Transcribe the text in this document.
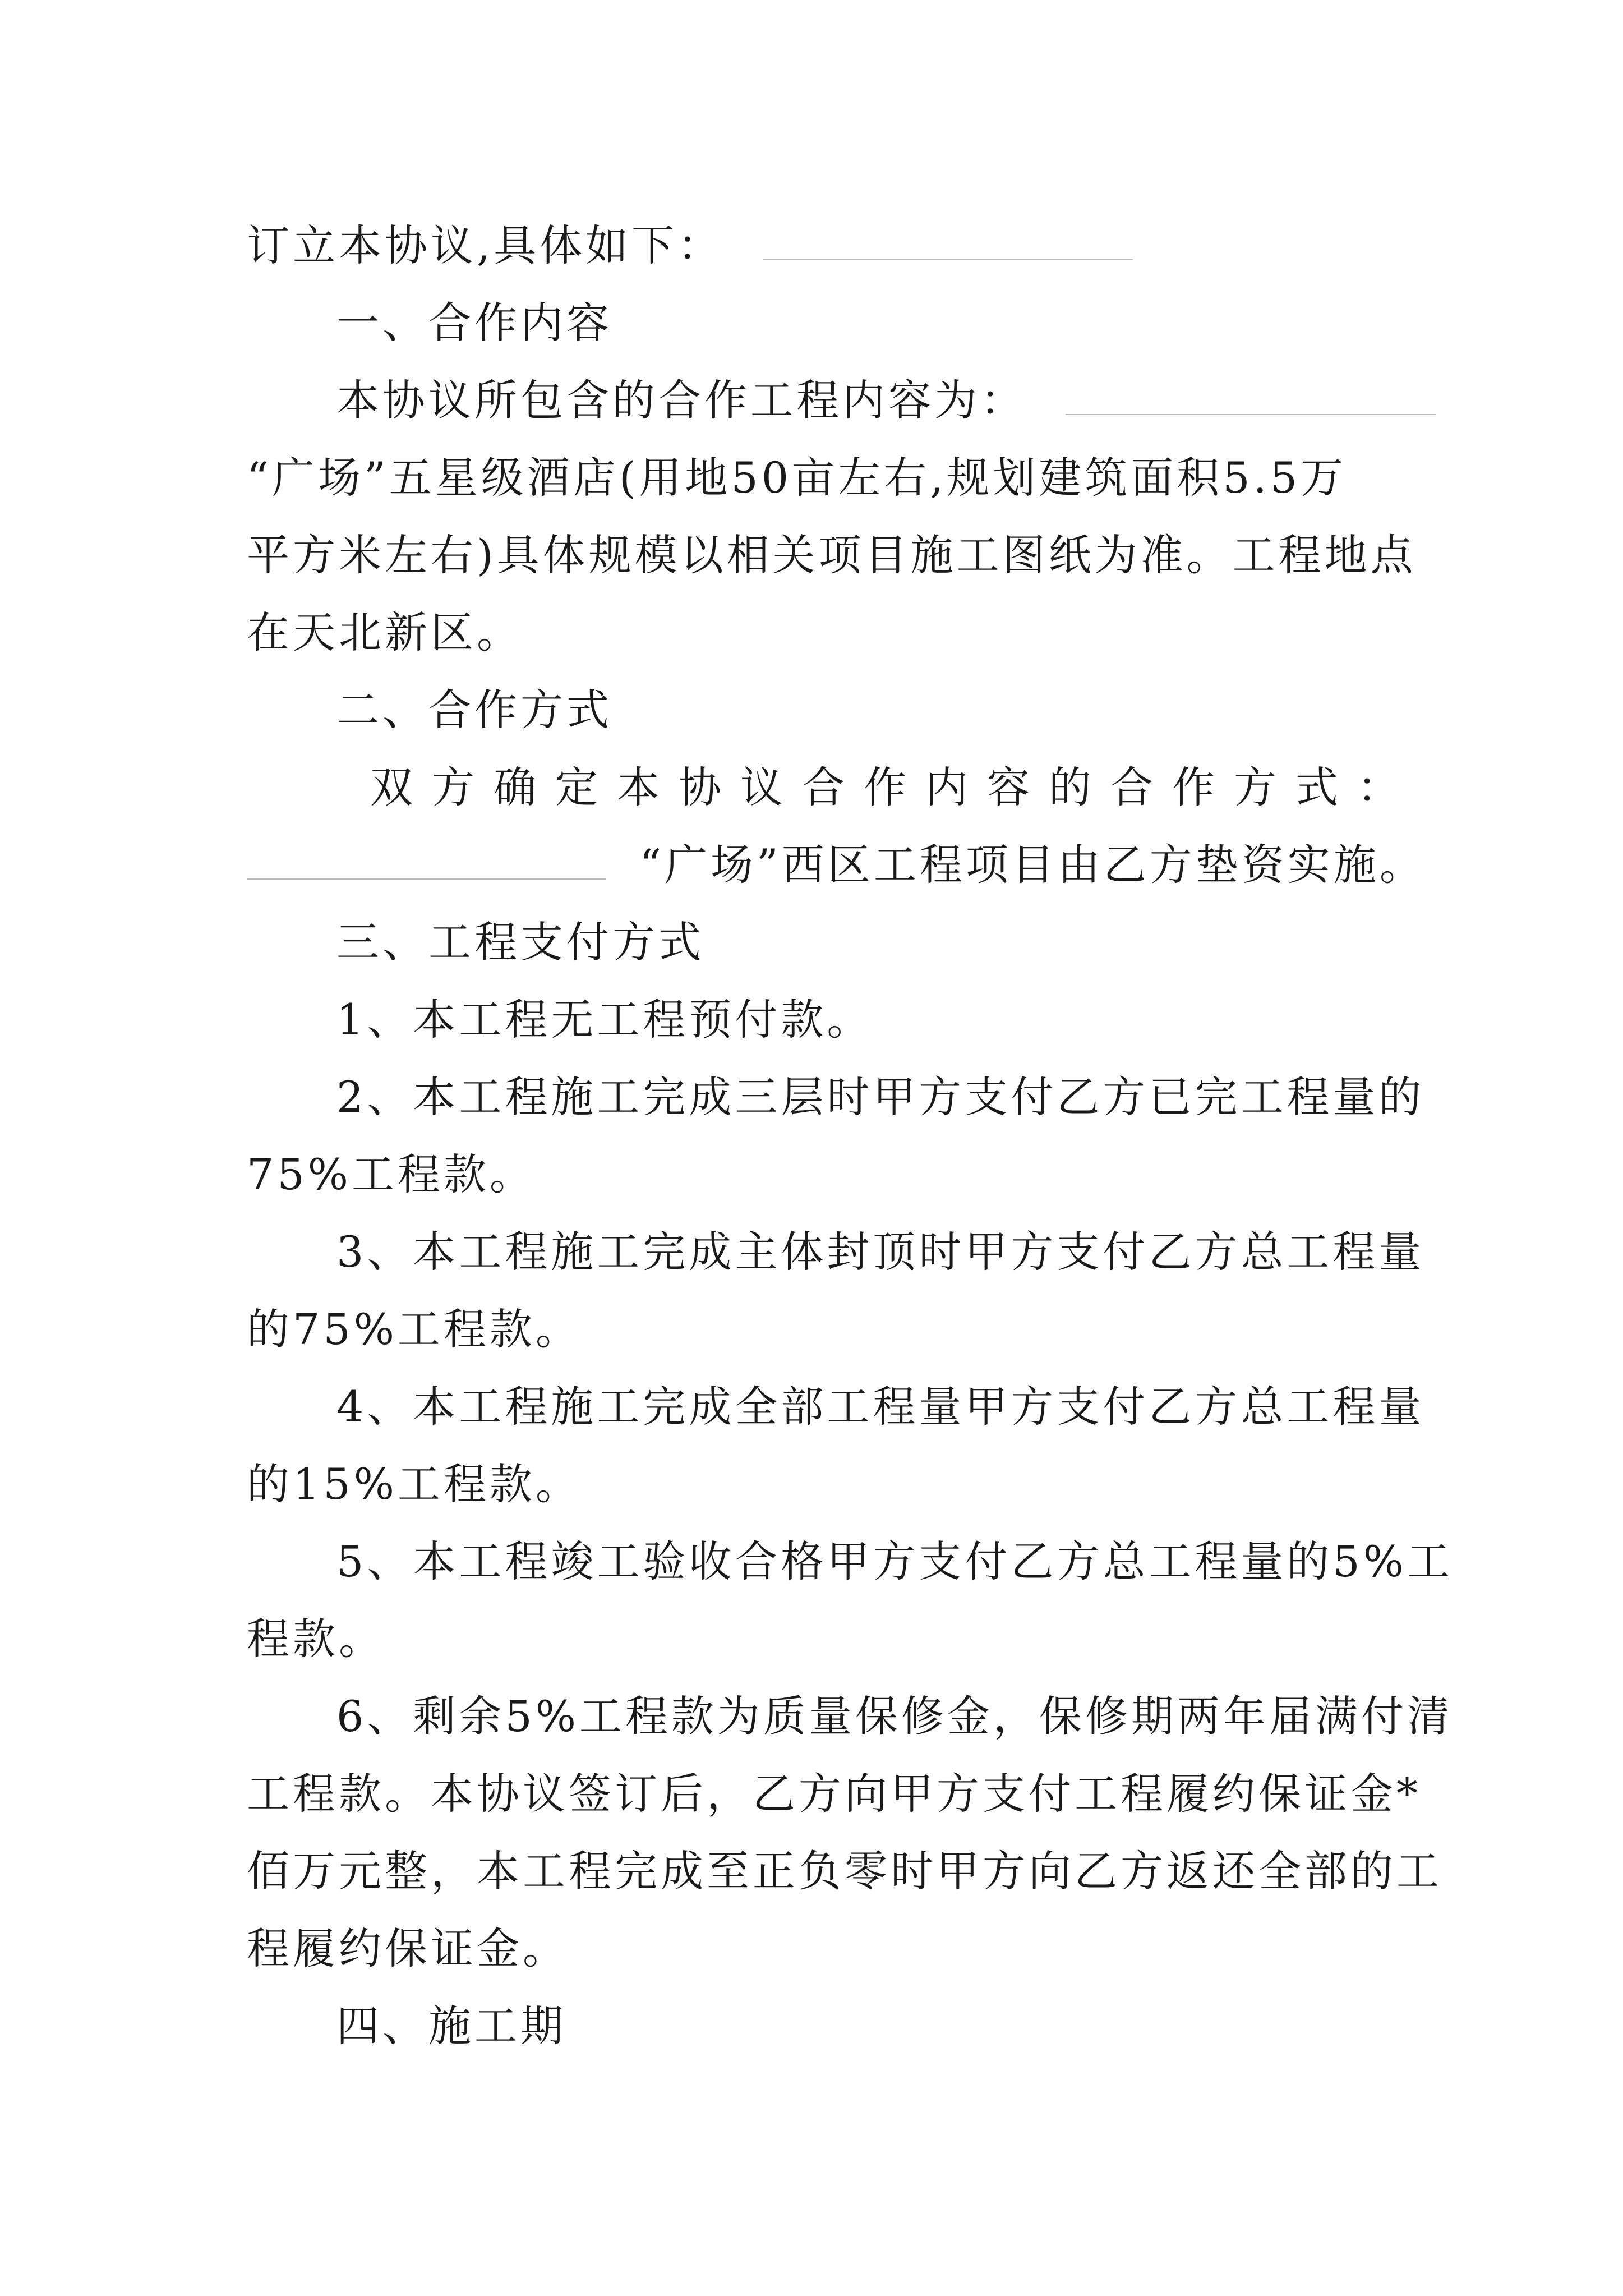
订立本协议,具体如下：
一、合作内容
本协议所包含的合作工程内容为：
“广场”五星级酒店(用地50亩左右,规划建筑面积5.5万
平方米左右)具体规模以相关项目施工图纸为准。工程地点
在天北新区。
二、合作方式
双方确定本协议合作内容的合作方式：
“广场”西区工程项目由乙方垫资实施。
三、工程支付方式
1、本工程无工程预付款。
2、本工程施工完成三层时甲方支付乙方已完工程量的
75%工程款。
3、本工程施工完成主体封顶时甲方支付乙方总工程量
的75%工程款。
4、本工程施工完成全部工程量甲方支付乙方总工程量
的15%工程款。
5、本工程竣工验收合格甲方支付乙方总工程量的5%工
程款。
6、剩余5%工程款为质量保修金，保修期两年届满付清
工程款。本协议签订后，乙方向甲方支付工程履约保证金*
佰万元整，本工程完成至正负零时甲方向乙方返还全部的工
程履约保证金。
四、施工期
